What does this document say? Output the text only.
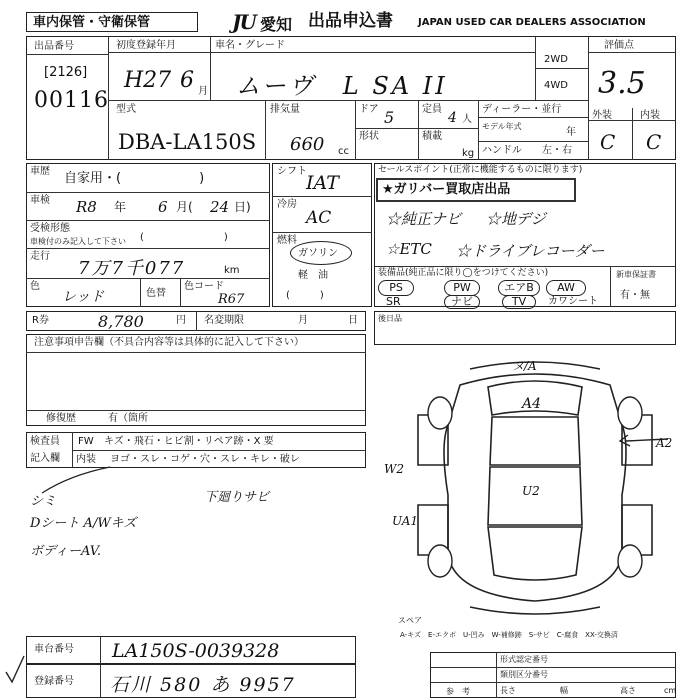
車内保管・守衛保管	JU 愛知 出品申込書	JAPAN USED CAR DEALERS ASSOCIATION
出品番号
[2126]
00116
初度登録年月
H27 6 月
車名・グレード
ムーヴ　L SA II
2WD
4WD
評価点
3.5
外装	内装
C C
型式
DBA-LA150S
排気量
660 cc
ドア 5	定員
4 人
形状	積載
kg
ディーラー・並行
モデル年式
年
ハンドル 左・右
車歴 自家用・(　　　　　　)
車検 R8 年 6 月( 24 日)
受検形態
車検付のみ記入して下さい (　　　　　　　　)
走行
7万7千077	km
色
レッド	色替
色コード
R67
シフト
IAT
冷房
AC
燃料
ガソリン
軽　油
(　　　)
セールスポイント(正常に機能するものに限ります)
★ガリバー買取店出品
☆純正ナビ ☆地デジ
☆ETC ☆ドライブレコーダー
装備品(純正品に限り◯をつけてください)
PS	PW	エアB	AW
SR	ナビ	TV	カワシート
新車保証書
有・無
R券	8,780	円 名変期限	月	日	後日品
注意事項申告欄（不具合内容等は具体的に記入して下さい）
修復歴	有（箇所
検査員
記入欄
FW キズ・飛石・ヒビ割・リペア跡・X 要
内装 ヨゴ・スレ・コゲ・穴・スレ・キレ・破レ
下廻りサビ
シミ
Dシート A/Wキズ
ボディーAV.
ヌ/A
A4
A2
W2
U2
UA1
スペア
A-キズ　E-エクボ　U-凹み　W-補修跡　S-サビ　C-腐食　XX-交換済
車台番号 LA150S-0039328
登録番号 石川 580 あ 9957
形式認定番号
類別区分番号
参　考	長さ	幅	高さ	cm
